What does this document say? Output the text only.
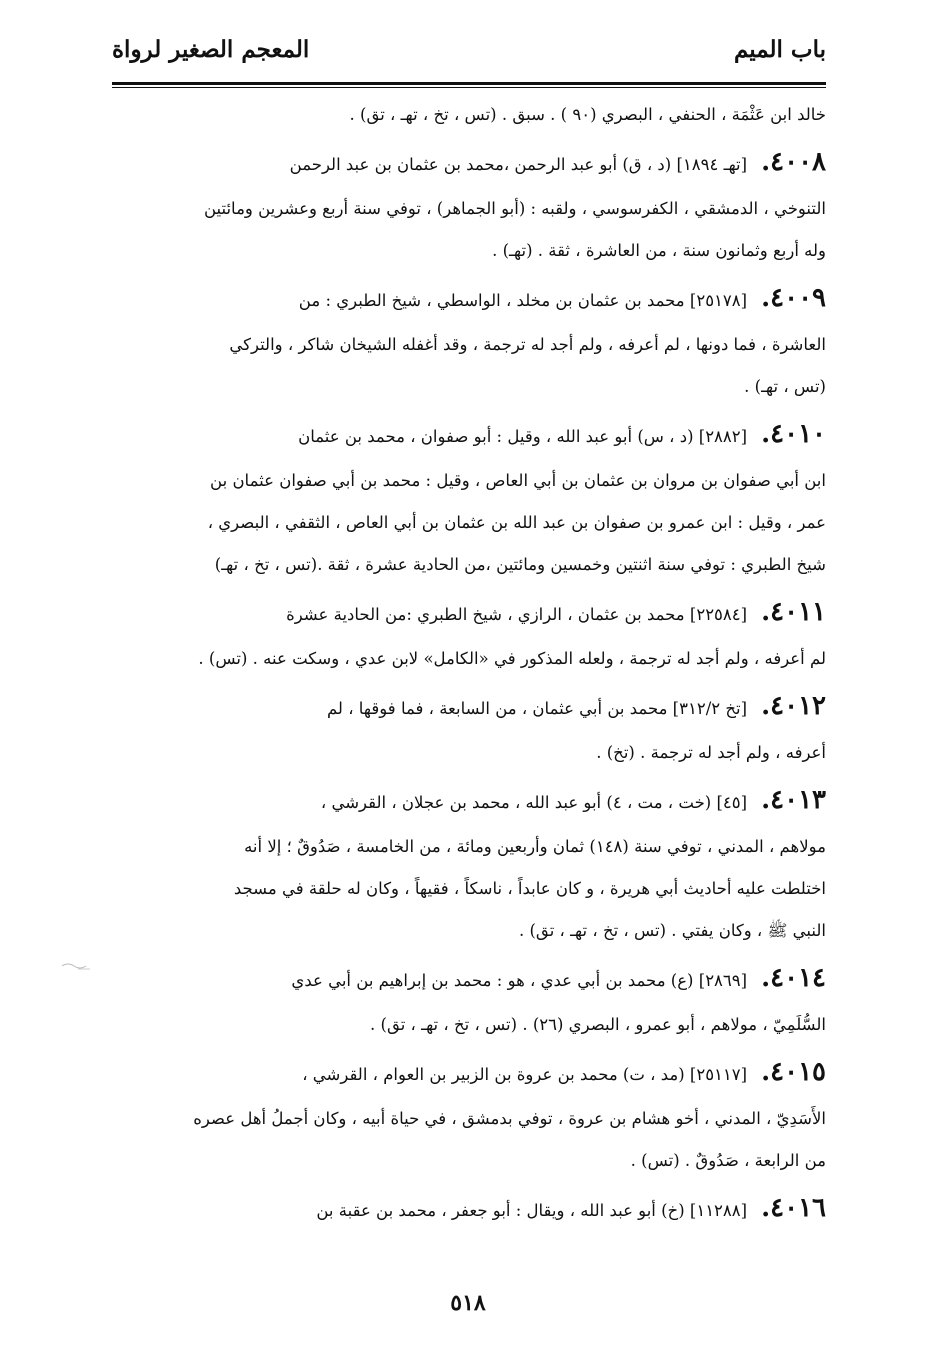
باب الميم
المعجم الصغير لرواة
خالد ابن عَثْمَة ، الحنفي ، البصري (٩٠ ) . سبق . (تس ، تخ ، تهـ ، تق) .
٤٠٠٨.[تهـ ١٨٩٤] (د ، ق) أبو عبد الرحمن ،محمد بن عثمان بن عبد الرحمن
التنوخي ، الدمشقي ، الكفرسوسي ، ولقبه : (أبو الجماهر) ، توفي سنة أربع وعشرين ومائتين
وله أربع وثمانون سنة ، من العاشرة ، ثقة . (تهـ) .
٤٠٠٩.[٢٥١٧٨] محمد بن عثمان بن مخلد ، الواسطي ، شيخ الطبري : من
العاشرة ، فما دونها ، لم أعرفه ، ولم أجد له ترجمة ، وقد أغفله الشيخان شاكر ، والتركي
(تس ، تهـ) .
٤٠١٠.[٢٨٨٢] (د ، س) أبو عبد الله ، وقيل : أبو صفوان ، محمد بن عثمان
ابن أبي صفوان بن مروان بن عثمان بن أبي العاص ، وقيل : محمد بن أبي صفوان عثمان بن
عمر ، وقيل : ابن عمرو بن صفوان بن عبد الله بن عثمان بن أبي العاص ، الثقفي ، البصري ،
شيخ الطبري : توفي سنة اثنتين وخمسين ومائتين ،من الحادية عشرة ، ثقة .(تس ، تخ ، تهـ)
٤٠١١.[٢٢٥٨٤] محمد بن عثمان ، الرازي ، شيخ الطبري :من الحادية عشرة
لم أعرفه ، ولم أجد له ترجمة ، ولعله المذكور في «الكامل» لابن عدي ، وسكت عنه . (تس) .
٤٠١٢.[تخ ٣١٢/٢] محمد بن أبي عثمان ، من السابعة ، فما فوقها ، لم
أعرفه ، ولم أجد له ترجمة . (تخ) .
٤٠١٣.[٤٥] (خت ، مت ، ٤) أبو عبد الله ، محمد بن عجلان ، القرشي ،
مولاهم ، المدني ، توفي سنة (١٤٨) ثمان وأربعين ومائة ، من الخامسة ، صَدُوقٌ ؛ إلا أنه
اختلطت عليه أحاديث أبي هريرة ، و كان عابداً ، ناسكاً ، فقيهاً ، وكان له حلقة في مسجد
النبي ﷺ ، وكان يفتي . (تس ، تخ ، تهـ ، تق) .
٤٠١٤.[٢٨٦٩] (ع) محمد بن أبي عدي ، هو : محمد بن إبراهيم بن أبي عدي
السُّلَمِيّ ، مولاهم ، أبو عمرو ، البصري (٢٦) . (تس ، تخ ، تهـ ، تق) .
٤٠١٥.[٢٥١١٧] (مد ، ت) محمد بن عروة بن الزبير بن العوام ، القرشي ،
الأَسَدِيّ ، المدني ، أخو هشام بن عروة ، توفي بدمشق ، في حياة أبيه ، وكان أجملُ أهل عصره
من الرابعة ، صَدُوقٌ . (تس) .
٤٠١٦.[١١٢٨٨] (خ) أبو عبد الله ، ويقال : أبو جعفر ، محمد بن عقبة بن
٥١٨
